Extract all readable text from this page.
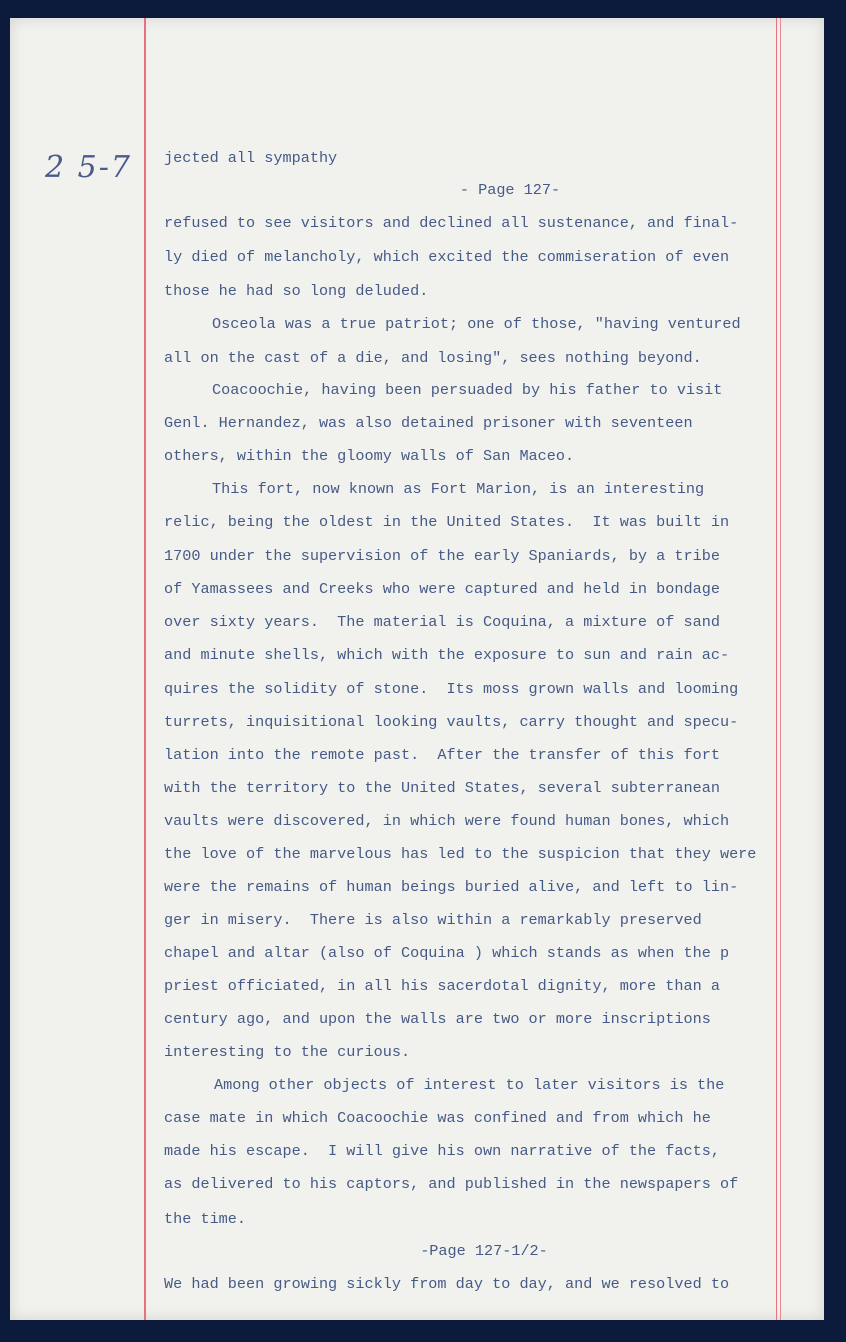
2 5-7 jected all sympathy
- Page 127-
refused to see visitors and declined all sustenance, and final-
ly died of melancholy, which excited the commiseration of even
those he had so long deluded.
Osceola was a true patriot; one of those, "having ventured
all on the cast of a die, and losing", sees nothing beyond.
Coacoochie, having been persuaded by his father to visit
Genl. Hernandez, was also detained prisoner with seventeen
others, within the gloomy walls of San Maceo.
This fort, now known as Fort Marion, is an interesting
relic, being the oldest in the United States.  It was built in
1700 under the supervision of the early Spaniards, by a tribe
of Yamassees and Creeks who were captured and held in bondage
over sixty years.  The material is Coquina, a mixture of sand
and minute shells, which with the exposure to sun and rain ac-
quires the solidity of stone.  Its moss grown walls and looming
turrets, inquisitional looking vaults, carry thought and specu-
lation into the remote past.  After the transfer of this fort
with the territory to the United States, several subterranean
vaults were discovered, in which were found human bones, which
the love of the marvelous has led to the suspicion that they were
were the remains of human beings buried alive, and left to lin-
ger in misery.  There is also within a remarkably preserved
chapel and altar (also of Coquina ) which stands as when the p
priest officiated, in all his sacerdotal dignity, more than a
century ago, and upon the walls are two or more inscriptions
interesting to the curious.
Among other objects of interest to later visitors is the
case mate in which Coacoochie was confined and from which he
made his escape.  I will give his own narrative of the facts,
as delivered to his captors, and published in the newspapers of
the time.
-Page 127-1/2-
We had been growing sickly from day to day, and we resolved to
